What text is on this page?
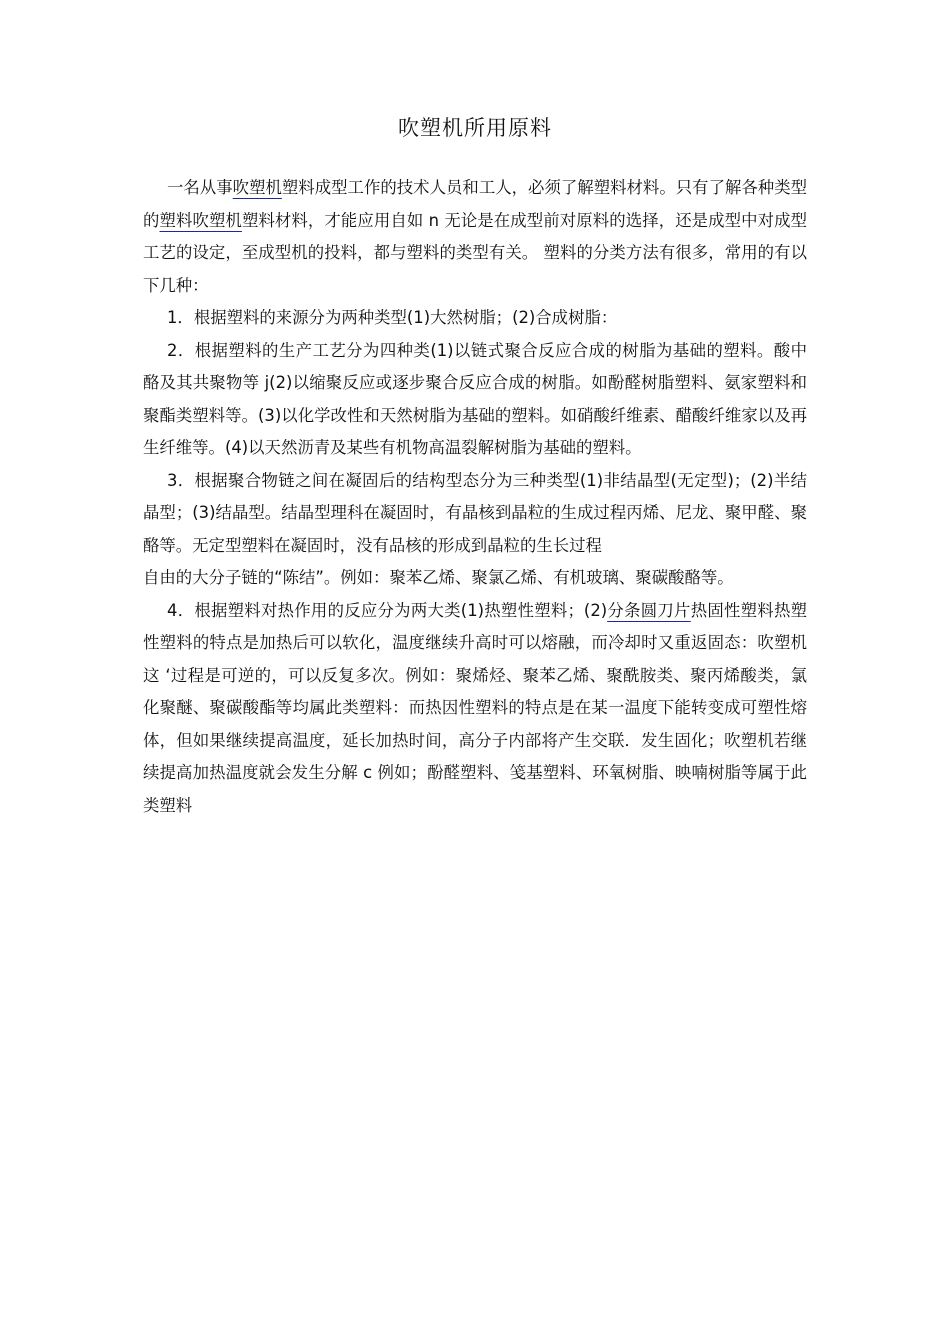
吹塑机所用原料

一名从事吹塑机塑料成型工作的技术人员和工人，必须了解塑料材料。只有了解各种类型的塑料吹塑机塑料材料，才能应用自如 n 无论是在成型前对原料的选择，还是成型中对成型工艺的设定，至成型机的投料，都与塑料的类型有关。 塑料的分类方法有很多，常用的有以下几种：

1．根据塑料的来源分为两种类型(1)大然树脂；(2)合成树脂：

2．根据塑料的生产工艺分为四种类(1)以链式聚合反应合成的树脂为基础的塑料。酸中酪及其共聚物等 j(2)以缩聚反应或逐步聚合反应合成的树脂。如酚醛树脂塑料、氨家塑料和聚酯类塑料等。(3)以化学改性和天然树脂为基础的塑料。如硝酸纤维素、醋酸纤维家以及再生纤维等。(4)以天然沥青及某些有机物高温裂解树脂为基础的塑料。

3．根据聚合物链之间在凝固后的结构型态分为三种类型(1)非结晶型(无定型)；(2)半结晶型；(3)结晶型。结晶型理科在凝固时，有晶核到晶粒的生成过程丙烯、尼龙、聚甲醛、聚酪等。无定型塑料在凝固时，没有品核的形成到晶粒的生长过程

自由的大分子链的“陈结”。例如：聚苯乙烯、聚氯乙烯、有机玻璃、聚碳酸酪等。

4．根据塑料对热作用的反应分为两大类(1)热塑性塑料；(2)分条圆刀片热固性塑料热塑性塑料的特点是加热后可以软化，温度继续升高时可以熔融，而冷却时又重返固态：吹塑机这 ‘过程是可逆的，可以反复多次。例如：聚烯烃、聚苯乙烯、聚酰胺类、聚丙烯酸类，氯化聚醚、聚碳酸酯等均属此类塑料：而热因性塑料的特点是在某一温度下能转变成可塑性熔体，但如果继续提高温度，延长加热时间，高分子内部将产生交联．发生固化；吹塑机若继续提高加热温度就会发生分解 c 例如；酚醛塑料、笺基塑料、环氧树脂、映喃树脂等属于此类塑料
